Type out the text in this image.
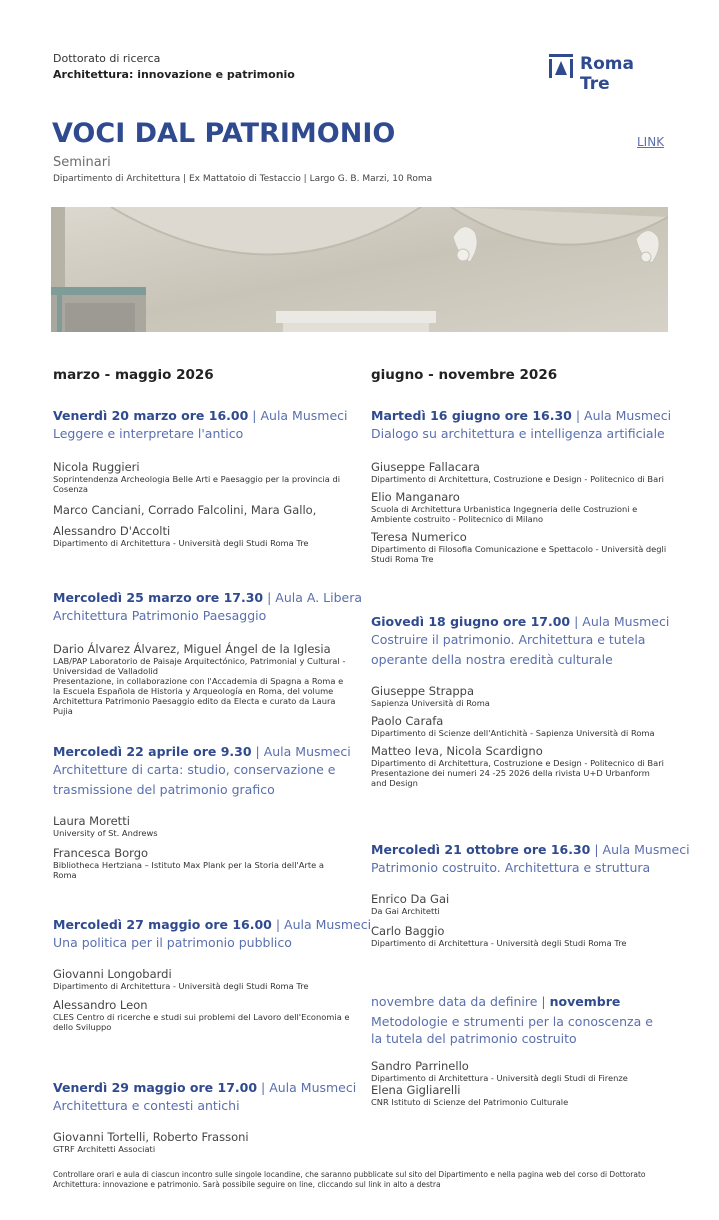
Dottorato di ricerca
Architettura: innovazione e patrimonio
Roma Tre
VOCI DAL PATRIMONIO
Seminari
Dipartimento di Architettura | Ex Mattatoio di Testaccio | Largo G. B. Marzi, 10 Roma
LINK
marzo - maggio 2026	giugno - novembre 2026
Venerdì 20 marzo ore 16.00 | Aula Musmeci
Leggere e interpretare l'antico
Nicola Ruggieri
Soprintendenza Archeologia Belle Arti e Paesaggio per la provincia di Cosenza
Marco Canciani, Corrado Falcolini, Mara Gallo, Alessandro D'Accolti
Dipartimento di Architettura - Università degli Studi Roma Tre
Mercoledì 25 marzo ore 17.30 | Aula A. Libera
Architettura Patrimonio Paesaggio
Dario Álvarez Álvarez, Miguel Ángel de la Iglesia
LAB/PAP Laboratorio de Paisaje Arquitectónico, Patrimonial y Cultural - Universidad de Valladolid
Presentazione, in collaborazione con l'Accademia di Spagna a Roma e la Escuela Española de Historia y Arqueología en Roma, del volume Architettura Patrimonio Paesaggio edito da Electa e curato da Laura Pujia
Mercoledì 22 aprile ore 9.30 | Aula Musmeci
Architetture di carta: studio, conservazione e trasmissione del patrimonio grafico
Laura Moretti
University of St. Andrews
Francesca Borgo
Bibliotheca Hertziana – Istituto Max Plank per la Storia dell'Arte a Roma
Mercoledì 27 maggio ore 16.00 | Aula Musmeci
Una politica per il patrimonio pubblico
Giovanni Longobardi
Dipartimento di Architettura - Università degli Studi Roma Tre
Alessandro Leon
CLES Centro di ricerche e studi sui problemi del Lavoro dell'Economia e dello Sviluppo
Venerdì 29 maggio ore 17.00 | Aula Musmeci
Architettura e contesti antichi
Giovanni Tortelli, Roberto Frassoni
GTRF Architetti Associati
Martedì 16 giugno ore 16.30 | Aula Musmeci
Dialogo su architettura e intelligenza artificiale
Giuseppe Fallacara
Dipartimento di Architettura, Costruzione e Design - Politecnico di Bari
Elio Manganaro
Scuola di Architettura Urbanistica Ingegneria delle Costruzioni e Ambiente costruito - Politecnico di Milano
Teresa Numerico
Dipartimento di Filosofia Comunicazione e Spettacolo - Università degli Studi Roma Tre
Giovedì 18 giugno ore 17.00 | Aula Musmeci
Costruire il patrimonio. Architettura e tutela operante della nostra eredità culturale
Giuseppe Strappa
Sapienza Università di Roma
Paolo Carafa
Dipartimento di Scienze dell'Antichità - Sapienza Università di Roma
Matteo Ieva, Nicola Scardigno
Dipartimento di Architettura, Costruzione e Design - Politecnico di Bari
Presentazione dei numeri 24 -25 2026 della rivista U+D Urbanform and Design
Mercoledì 21 ottobre ore 16.30 | Aula Musmeci
Patrimonio costruito. Architettura e struttura
Enrico Da Gai
Da Gai Architetti
Carlo Baggio
Dipartimento di Architettura - Università degli Studi Roma Tre
novembre data da definire | novembre
Metodologie e strumenti per la conoscenza e la tutela del patrimonio costruito
Sandro Parrinello
Dipartimento di Architettura - Università degli Studi di Firenze
Elena Gigliarelli
CNR Istituto di Scienze del Patrimonio Culturale
Controllare orari e aula di ciascun incontro sulle singole locandine, che saranno pubblicate sul sito del Dipartimento e nella pagina web del corso di Dottorato Architettura: innovazione e patrimonio. Sarà possibile seguire on line, cliccando sul link in alto a destra
